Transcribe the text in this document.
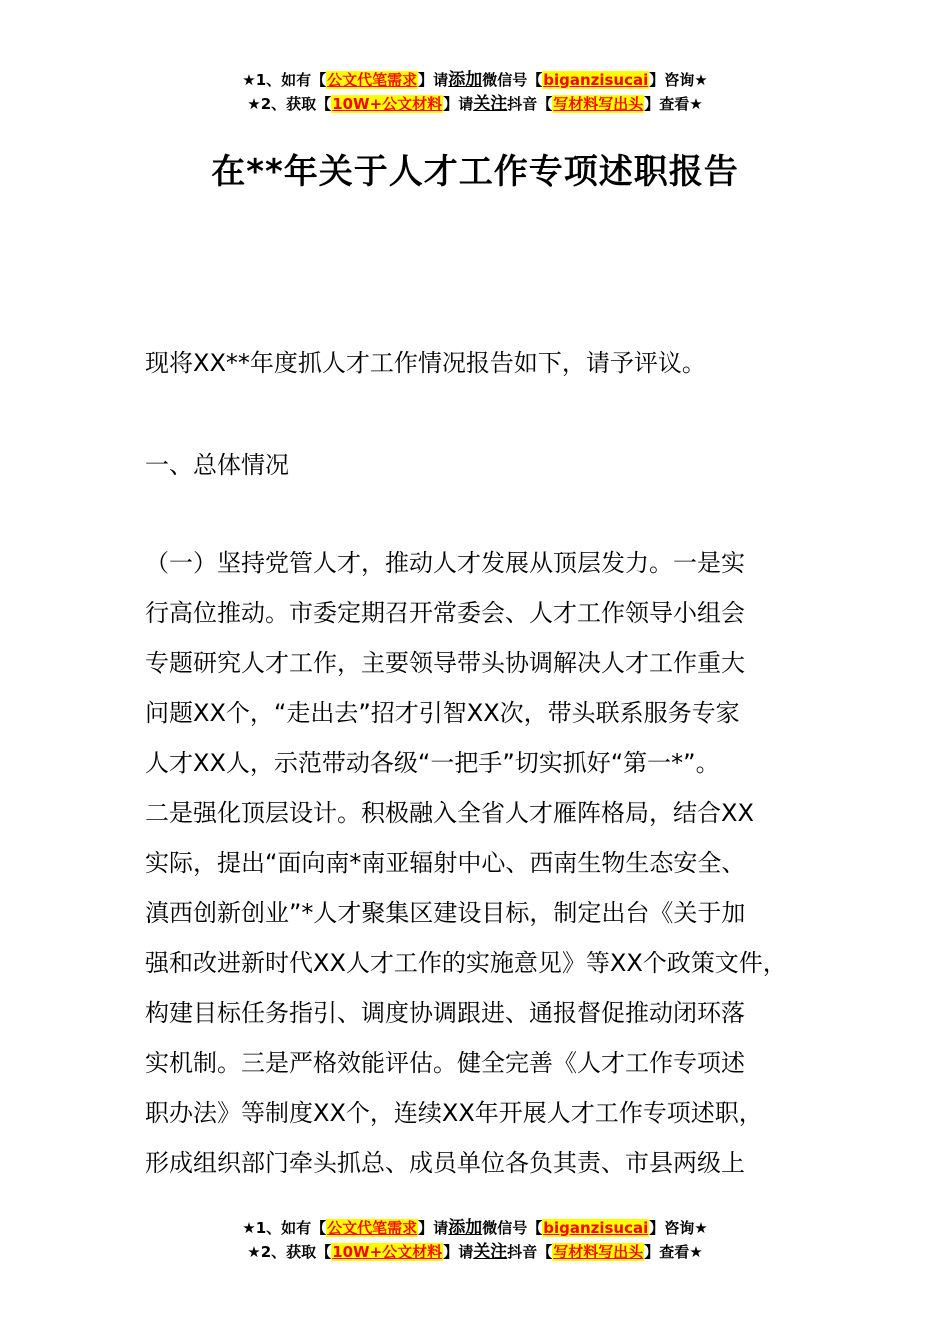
★1、如有【公文代笔需求】请添加微信号【biganzisucai】咨询★
★2、获取【10W+公文材料】请关注抖音【写材料写出头】查看★
在**年关于人才工作专项述职报告
现将XX**年度抓人才工作情况报告如下，请予评议。
一、总体情况
（一）坚持党管人才，推动人才发展从顶层发力。一是实
行高位推动。市委定期召开常委会、人才工作领导小组会
专题研究人才工作，主要领导带头协调解决人才工作重大
问题XX个，“走出去”招才引智XX次，带头联系服务专家
人才XX人，示范带动各级“一把手”切实抓好“第一*”。
二是强化顶层设计。积极融入全省人才雁阵格局，结合XX
实际，提出“面向南*南亚辐射中心、西南生物生态安全、
滇西创新创业”*人才聚集区建设目标，制定出台《关于加
强和改进新时代XX人才工作的实施意见》等XX个政策文件，
构建目标任务指引、调度协调跟进、通报督促推动闭环落
实机制。三是严格效能评估。健全完善《人才工作专项述
职办法》等制度XX个，连续XX年开展人才工作专项述职，
形成组织部门牵头抓总、成员单位各负其责、市县两级上
★1、如有【公文代笔需求】请添加微信号【biganzisucai】咨询★
★2、获取【10W+公文材料】请关注抖音【写材料写出头】查看★
